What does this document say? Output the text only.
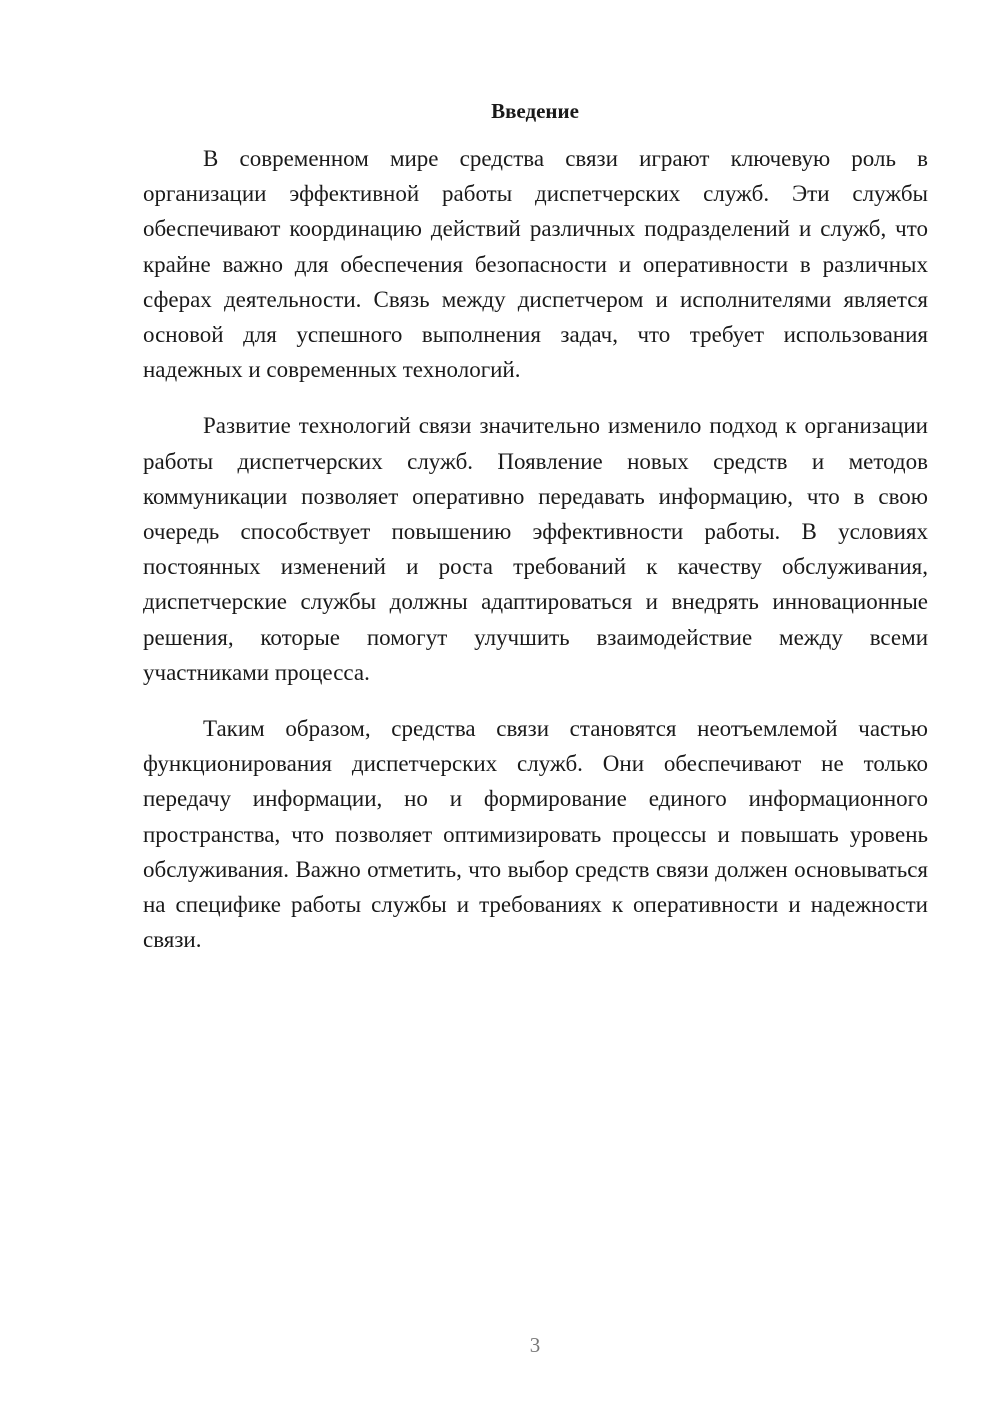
Введение

В современном мире средства связи играют ключевую роль в организации эффективной работы диспетчерских служб. Эти службы обеспечивают координацию действий различных подразделений и служб, что крайне важно для обеспечения безопасности и оперативности в различных сферах деятельности. Связь между диспетчером и исполнителями является основой для успешного выполнения задач, что требует использования надежных и современных технологий.

Развитие технологий связи значительно изменило подход к организации работы диспетчерских служб. Появление новых средств и методов коммуникации позволяет оперативно передавать информацию, что в свою очередь способствует повышению эффективности работы. В условиях постоянных изменений и роста требований к качеству обслуживания, диспетчерские службы должны адаптироваться и внедрять инновационные решения, которые помогут улучшить взаимодействие между всеми участниками процесса.

Таким образом, средства связи становятся неотъемлемой частью функционирования диспетчерских служб. Они обеспечивают не только передачу информации, но и формирование единого информационного пространства, что позволяет оптимизировать процессы и повышать уровень обслуживания. Важно отметить, что выбор средств связи должен основываться на специфике работы службы и требованиях к оперативности и надежности связи.

3
